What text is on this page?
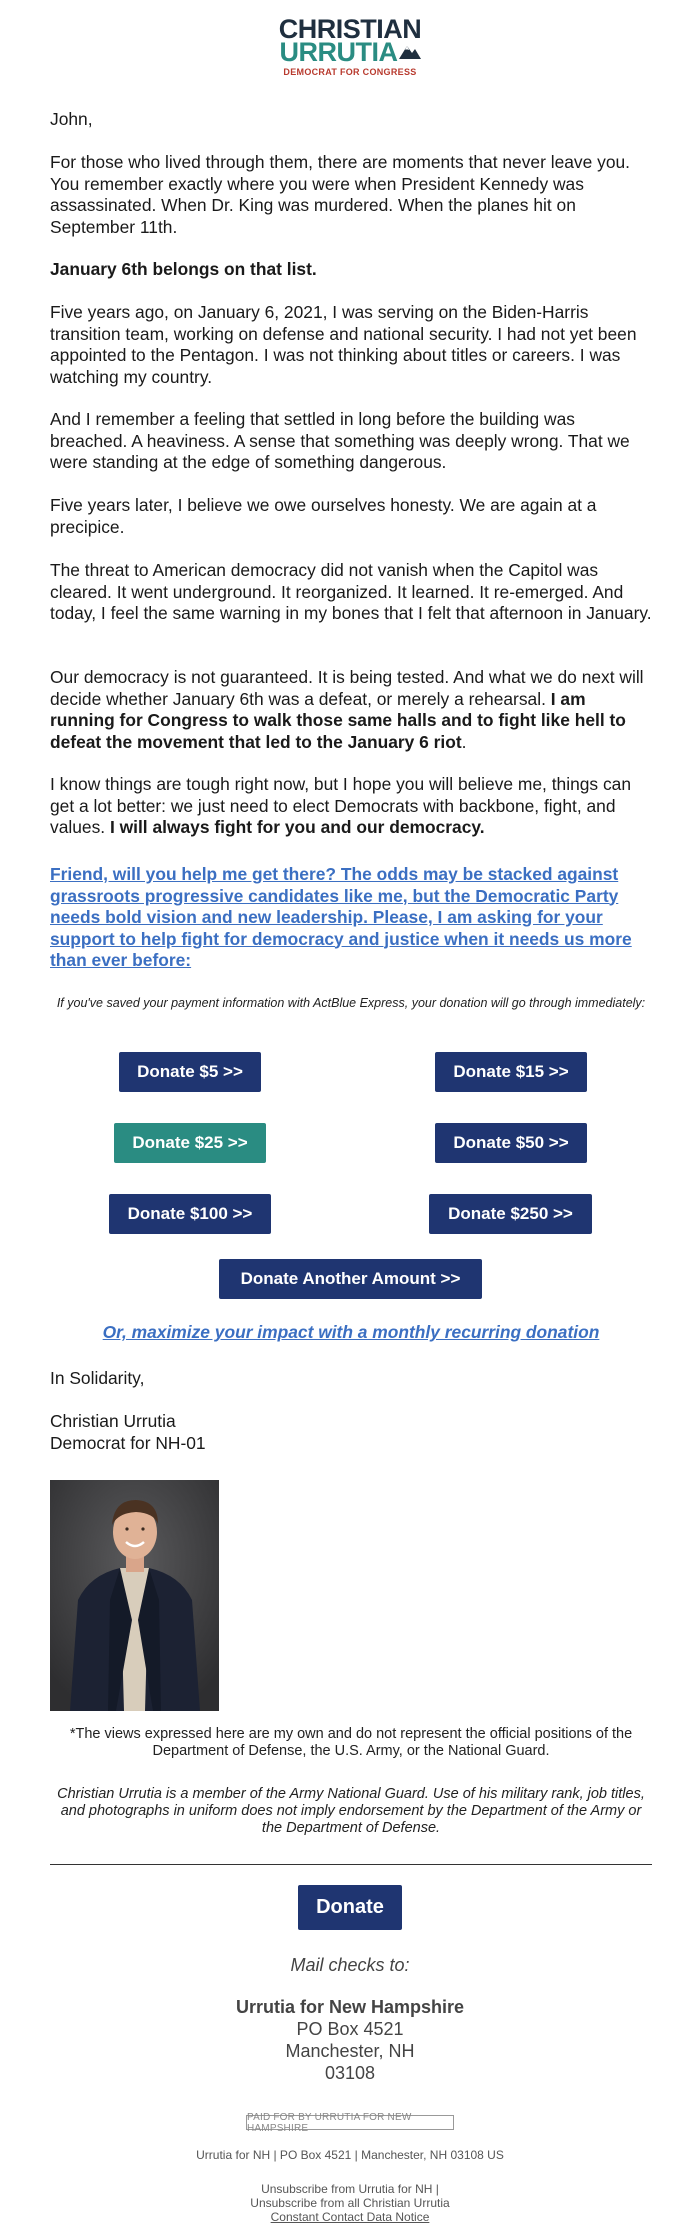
CHRISTIAN
URRUTIA
DEMOCRAT FOR CONGRESS

John,

For those who lived through them, there are moments that never leave you. You remember exactly where you were when President Kennedy was assassinated. When Dr. King was murdered. When the planes hit on September 11th.

January 6th belongs on that list.

Five years ago, on January 6, 2021, I was serving on the Biden-Harris transition team, working on defense and national security. I had not yet been appointed to the Pentagon. I was not thinking about titles or careers. I was watching my country.

And I remember a feeling that settled in long before the building was breached. A heaviness. A sense that something was deeply wrong. That we were standing at the edge of something dangerous.

Five years later, I believe we owe ourselves honesty. We are again at a precipice.

The threat to American democracy did not vanish when the Capitol was cleared. It went underground. It reorganized. It learned. It re-emerged. And today, I feel the same warning in my bones that I felt that afternoon in January.

Our democracy is not guaranteed. It is being tested. And what we do next will decide whether January 6th was a defeat, or merely a rehearsal. I am running for Congress to walk those same halls and to fight like hell to defeat the movement that led to the January 6 riot.

I know things are tough right now, but I hope you will believe me, things can get a lot better: we just need to elect Democrats with backbone, fight, and values. I will always fight for you and our democracy.

Friend, will you help me get there? The odds may be stacked against grassroots progressive candidates like me, but the Democratic Party needs bold vision and new leadership. Please, I am asking for your support to help fight for democracy and justice when it needs us more than ever before:

If you've saved your payment information with ActBlue Express, your donation will go through immediately:

Donate $5 >>	Donate $15 >>
Donate $25 >>	Donate $50 >>
Donate $100 >>	Donate $250 >>
Donate Another Amount >>
Or, maximize your impact with a monthly recurring donation

In Solidarity,

Christian Urrutia

Democrat for NH-01

*The views expressed here are my own and do not represent the official positions of the Department of Defense, the U.S. Army, or the National Guard.

Christian Urrutia is a member of the Army National Guard. Use of his military rank, job titles, and photographs in uniform does not imply endorsement by the Department of the Army or the Department of Defense.

Donate

Mail checks to:

Urrutia for New Hampshire

PO Box 4521

Manchester, NH

03108

PAID FOR BY URRUTIA FOR NEW HAMPSHIRE

Urrutia for NH | PO Box 4521 | Manchester, NH 03108 US

Unsubscribe from Urrutia for NH |
Unsubscribe from all Christian Urrutia
Constant Contact Data Notice
